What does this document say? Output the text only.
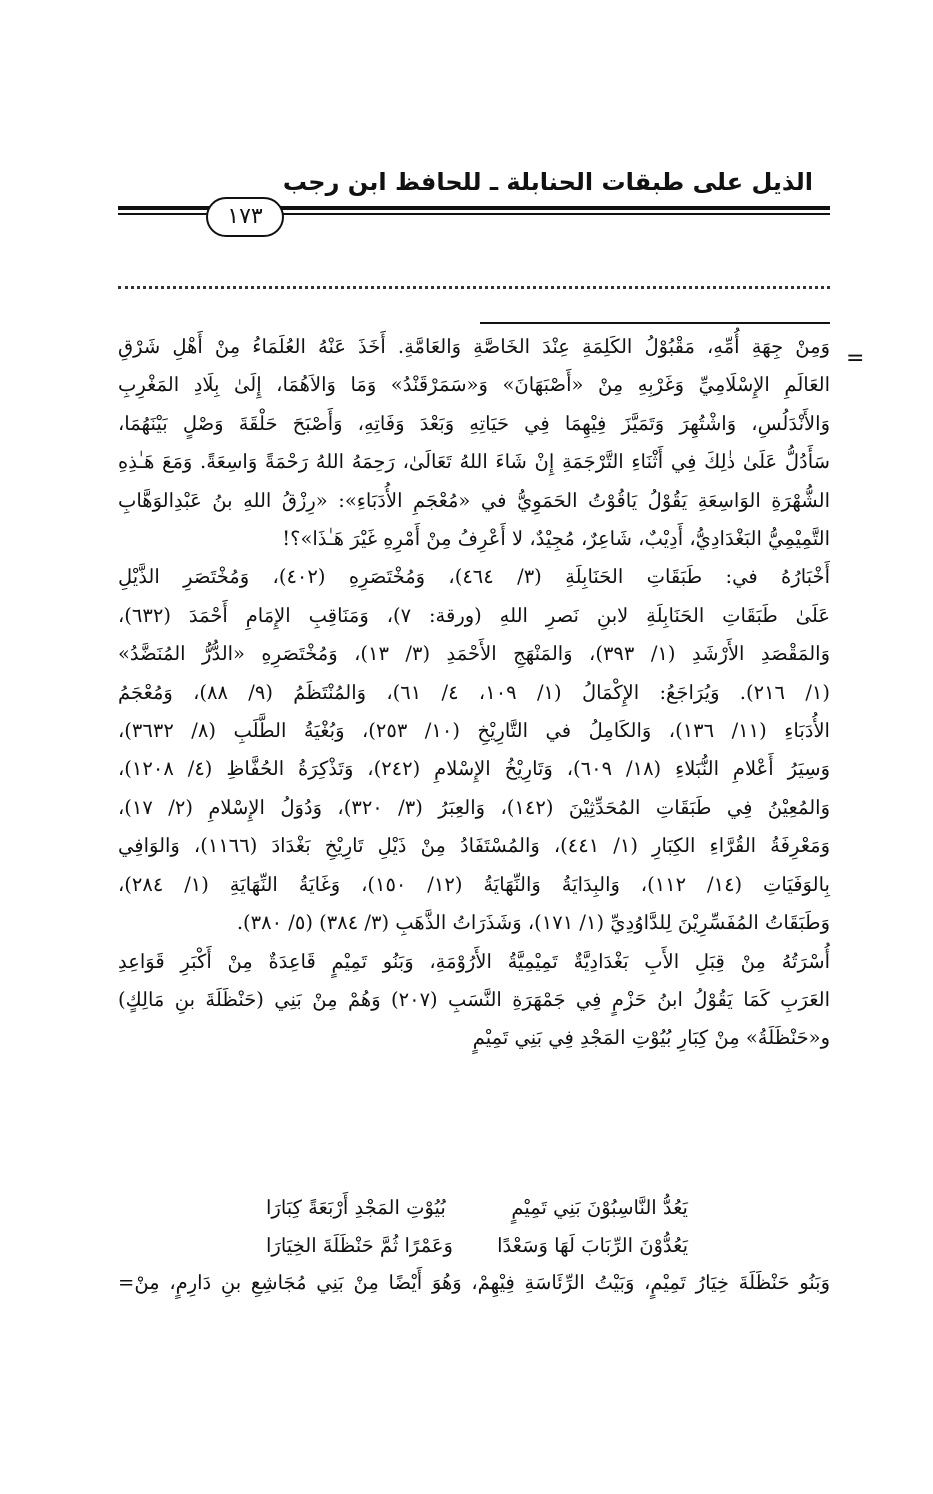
الذيل على طبقات الحنابلة ـ للحافظ ابن رجب
١٧٣
=
وَمِنْ جِهَةِ أُمِّهِ، مَقْبُوْلُ الكَلِمَةِ عِنْدَ الخَاصَّةِ وَالعَامَّةِ. أَخَذَ عَنْهُ العُلَمَاءُ مِنْ أَهْلِ شَرْقِ
العَالَمِ الإِسْلَامِيِّ وَغَرْبِهِ مِنْ «أَصْبَهَانَ» وَ«سَمَرْقَنْدُ» وَمَا وَالاَهُمَا، إِلَىٰ بِلَادِ المَغْرِبِ
وَالأَنْدَلُسِ، وَاشْتُهِرَ وَتَمَيَّزَ فِيْهِمَا فِي حَيَاتِهِ وَبَعْدَ وَفَاتِهِ، وَأَصْبَحَ حَلْقَةَ وَصْلٍ بَيْنَهُمَا،
سَأَدُلُّ عَلَىٰ ذٰلِكَ فِي أَثْنَاءِ التَّرْجَمَةِ إِنْ شَاءَ اللهُ تَعَالَىٰ، رَحِمَهُ اللهُ رَحْمَةً وَاسِعَةً. وَمَعَ هَـٰذِهِ
الشُّهْرَةِ الوَاسِعَةِ يَقُوْلُ يَاقُوْتُ الحَمَوِيُّ في «مُعْجَمِ الأُدَبَاءِ»: «رِزْقُ اللهِ بنُ عَبْدِالوَهَّابِ
التَّمِيْمِيُّ البَغْدَادِيُّ، أَدِيْبٌ، شَاعِرٌ، مُجِيْدٌ، لا أَعْرِفُ مِنْ أَمْرِهِ غَيْرَ هَـٰذَا»؟!
أَخْبَارُهُ في: طَبَقَاتِ الحَنَابِلَةِ (٣/ ٤٦٤)، وَمُخْتَصَرِهِ (٤٠٢)، وَمُخْتَصَرِ الذَّيْلِ
عَلَىٰ طَبَقَاتِ الحَنَابِلَةِ لابنِ نَصرِ اللهِ (ورقة: ٧)، وَمَنَاقِبِ الإِمَامِ أَحْمَدَ (٦٣٢)،
وَالمَقْصَدِ الأَرْشَدِ (١/ ٣٩٣)، وَالمَنْهَجِ الأَحْمَدِ (٣/ ١٣)، وَمُخْتَصَرِهِ «الدُّرُّ المُنَضَّدُ»
(١/ ٢١٦). وَيُرَاجَعُ: الإِكْمَالُ (١/ ١٠٩، ٤/ ٦١)، وَالمُنْتَظَمُ (٩/ ٨٨)، وَمُعْجَمُ
الأُدَبَاءِ (١١/ ١٣٦)، وَالكَامِلُ في التَّارِيْخِ (١٠/ ٢٥٣)، وَبُغْيَةُ الطَّلَبِ (٨/ ٣٦٣٢)،
وَسِيَرُ أَعْلامِ النُّبَلاءِ (١٨/ ٦٠٩)، وَتَارِيْخُ الإِسْلامِ (٢٤٢)، وَتَذْكِرَةُ الحُفَّاظِ (٤/ ١٢٠٨)،
وَالمُعِيْنُ فِي طَبَقَاتِ المُحَدِّثِيْنَ (١٤٢)، وَالعِبَرُ (٣/ ٣٢٠)، وَدُوَلُ الإِسْلامِ (٢/ ١٧)،
وَمَعْرِفَةُ القُرَّاءِ الكِبَارِ (١/ ٤٤١)، وَالمُسْتَفَادُ مِنْ ذَيْلِ تَارِيْخِ بَغْدَادَ (١١٦٦)، وَالوَافِي
بِالوَفَيَاتِ (١٤/ ١١٢)، وَالبِدَايَةُ وَالنِّهَايَةُ (١٢/ ١٥٠)، وَغَايَةُ النِّهَايَةِ (١/ ٢٨٤)،
وَطَبَقَاتُ المُفَسِّرِيْنَ لِلدَّاوُدِيِّ (١/ ١٧١)، وَشَذَرَاتُ الذَّهَبِ (٣/ ٣٨٤) (٥/ ٣٨٠).
أُسْرَتُهُ مِنْ قِبَلِ الأَبِ بَغْدَادِيَّةٌ تَمِيْمِيَّةُ الأَرُوْمَةِ، وَبَنُو تَمِيْمٍ قَاعِدَةٌ مِنْ أَكْبَرِ قَوَاعِدِ
العَرَبِ كَمَا يَقُوْلُ ابنُ حَزْمٍ فِي جَمْهَرَةِ النَّسَبِ (٢٠٧) وَهُمْ مِنْ بَنِي (حَنْظَلَةَ بنِ مَالِكٍ)
و«حَنْظَلَةُ» مِنْ كِبَارِ بُيُوْتِ المَجْدِ فِي بَنِي تَمِيْمٍ
يَعُدُّ النَّاسِبُوْنَ بَنِي تَمِيْمٍ
بُيُوْتِ المَجْدِ أَرْبَعَةً كِبَارَا
يَعُدُّوْنَ الرِّبَابَ لَهَا وَسَعْدًا
وَعَمْرًا ثُمَّ حَنْظَلَةَ الخِيَارَا
وَبَنُو حَنْظَلَةَ خِيَارُ تَمِيْمٍ، وَبَيْتُ الرِّئَاسَةِ فِيْهِمْ، وَهُوَ أَيْضًا مِنْ بَنِي مُجَاشِعِ بنِ دَارِمٍ، مِنْ=
